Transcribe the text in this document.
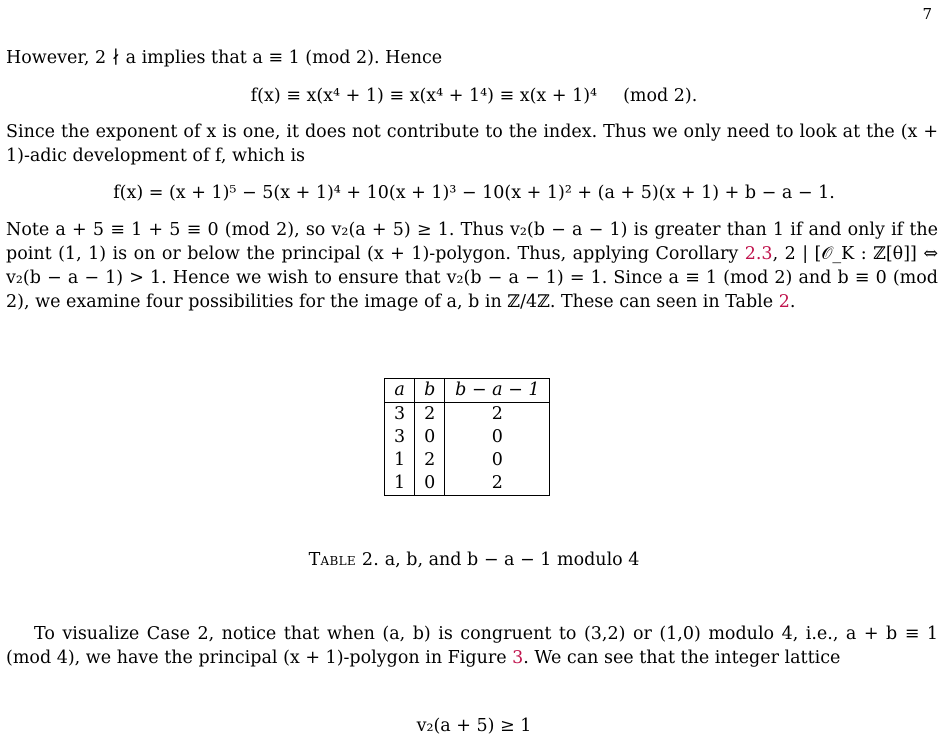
7
However, 2 ∤ a implies that a ≡ 1 (mod 2). Hence
f(x) ≡ x(x⁴ + 1) ≡ x(x⁴ + 1⁴) ≡ x(x + 1)⁴ (mod 2).
Since the exponent of x is one, it does not contribute to the index. Thus we only need to look at the (x + 1)-adic development of f, which is
f(x) = (x + 1)⁵ − 5(x + 1)⁴ + 10(x + 1)³ − 10(x + 1)² + (a + 5)(x + 1) + b − a − 1.
Note a + 5 ≡ 1 + 5 ≡ 0 (mod 2), so v₂(a + 5) ≥ 1. Thus v₂(b − a − 1) is greater than 1 if and only if the point (1, 1) is on or below the principal (x + 1)-polygon. Thus, applying Corollary 2.3, 2 | [𝒪_K : ℤ[θ]] ⇔ v₂(b − a − 1) > 1. Hence we wish to ensure that v₂(b − a − 1) = 1. Since a ≡ 1 (mod 2) and b ≡ 0 (mod 2), we examine four possibilities for the image of a, b in ℤ/4ℤ. These can seen in Table 2.
a	b	b − a − 1
3	2	2
3	0	0
1	2	0
1	0	2
Table 2. a, b, and b − a − 1 modulo 4
To visualize Case 2, notice that when (a, b) is congruent to (3,2) or (1,0) modulo 4, i.e., a + b ≡ 1 (mod 4), we have the principal (x + 1)-polygon in Figure 3. We can see that the integer lattice
v₂(a + 5) ≥ 1
